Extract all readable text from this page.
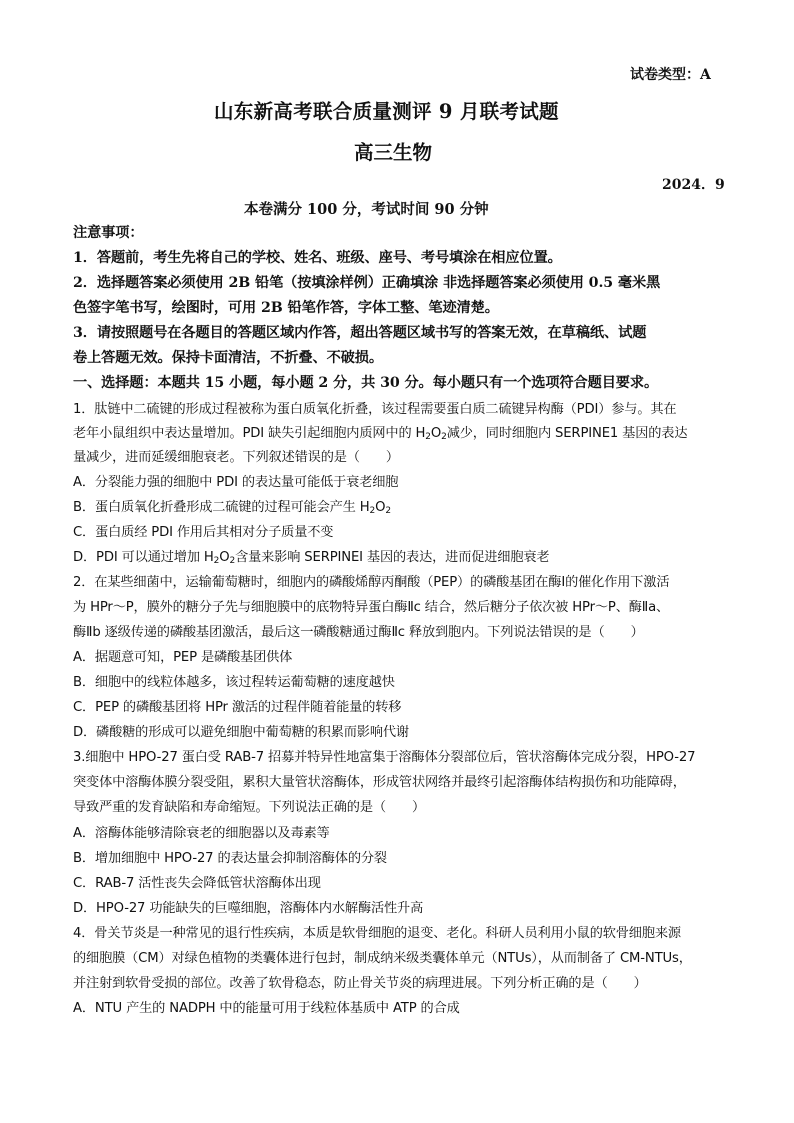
试卷类型：A
山东新高考联合质量测评 9 月联考试题
高三生物
2024．9
本卷满分 100 分，考试时间 90 分钟
注意事项：
1．答题前，考生先将自己的学校、姓名、班级、座号、考号填涂在相应位置。
2．选择题答案必须使用 2B 铅笔（按填涂样例）正确填涂 非选择题答案必须使用 0.5 毫米黑
色签字笔书写，绘图时，可用 2B 铅笔作答，字体工整、笔迹清楚。
3．请按照题号在各题目的答题区域内作答，超出答题区域书写的答案无效，在草稿纸、试题
卷上答题无效。保持卡面清洁，不折叠、不破损。
一、选择题：本题共 15 小题，每小题 2 分，共 30 分。每小题只有一个选项符合题目要求。
1．肽链中二硫键的形成过程被称为蛋白质氧化折叠，该过程需要蛋白质二硫键异构酶（PDI）参与。其在
老年小鼠组织中表达量增加。PDI 缺失引起细胞内质网中的 $H_2O_2$减少，同时细胞内 SERPINE1 基因的表达
量减少，进而延缓细胞衰老。下列叙述错误的是（　　）
A．分裂能力强的细胞中 PDI 的表达量可能低于衰老细胞
B．蛋白质氧化折叠形成二硫键的过程可能会产生 $H_2O_2$
C．蛋白质经 PDI 作用后其相对分子质量不变
D．PDI 可以通过增加 $H_2O_2$含量来影响 SERPINEI 基因的表达，进而促进细胞衰老
2．在某些细菌中，运输葡萄糖时，细胞内的磷酸烯醇丙酮酸（PEP）的磷酸基团在酶Ⅰ的催化作用下激活
为 HPr～P，膜外的糖分子先与细胞膜中的底物特异蛋白酶Ⅱc 结合，然后糖分子依次被 HPr～P、酶Ⅱa、
酶Ⅱb 逐级传递的磷酸基团激活，最后这一磷酸糖通过酶Ⅱc 释放到胞内。下列说法错误的是（　　）
A．据题意可知，PEP 是磷酸基团供体
B．细胞中的线粒体越多，该过程转运葡萄糖的速度越快
C．PEP 的磷酸基团将 HPr 激活的过程伴随着能量的转移
D．磷酸糖的形成可以避免细胞中葡萄糖的积累而影响代谢
3.细胞中 HPO-27 蛋白受 RAB-7 招募并特异性地富集于溶酶体分裂部位后，管状溶酶体完成分裂，HPO-27
突变体中溶酶体膜分裂受阻，累积大量管状溶酶体，形成管状网络并最终引起溶酶体结构损伤和功能障碍，
导致严重的发育缺陷和寿命缩短。下列说法正确的是（　　）
A．溶酶体能够清除衰老的细胞器以及毒素等
B．增加细胞中 HPO-27 的表达量会抑制溶酶体的分裂
C．RAB-7 活性丧失会降低管状溶酶体出现
D．HPO-27 功能缺失的巨噬细胞，溶酶体内水解酶活性升高
4．骨关节炎是一种常见的退行性疾病，本质是软骨细胞的退变、老化。科研人员利用小鼠的软骨细胞来源
的细胞膜（CM）对绿色植物的类囊体进行包封，制成纳米级类囊体单元（NTUs），从而制备了 CM-NTUs，
并注射到软骨受损的部位。改善了软骨稳态，防止骨关节炎的病理进展。下列分析正确的是（　　）
A．NTU 产生的 NADPH 中的能量可用于线粒体基质中 ATP 的合成
